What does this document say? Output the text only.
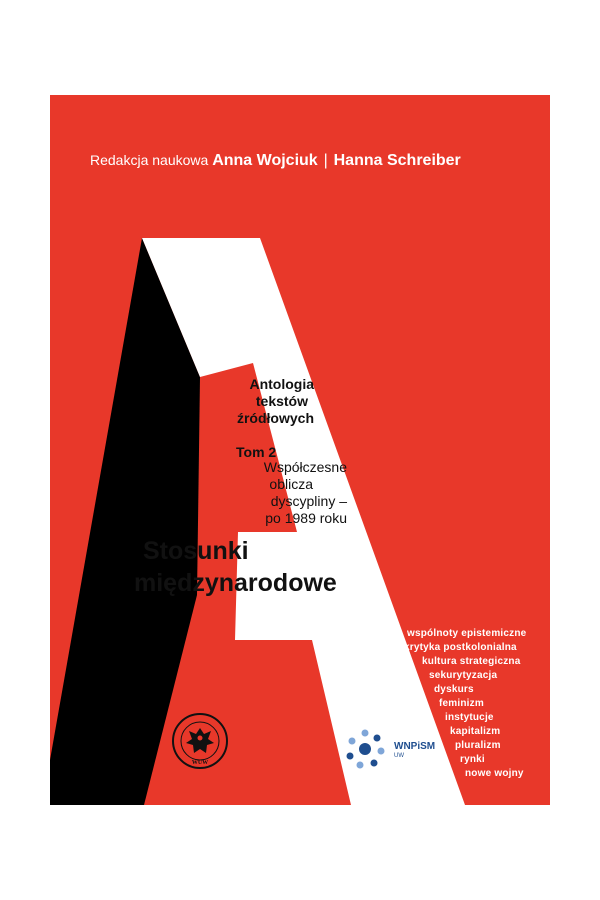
Redakcja naukowa Anna Wojciuk | Hanna Schreiber
Antologia
tekstów
źródłowych
Tom 2
Współczesne
oblicza
dyscypliny –
po 1989 roku
Stosunki
międzynarodowe
wspólnoty epistemiczne
krytyka postkolonialna
kultura strategiczna
sekurytyzacja
dyskurs
feminizm
instytucje
kapitalizm
pluralizm
rynki
nowe wojny
WUW
WNPiSM
UW
